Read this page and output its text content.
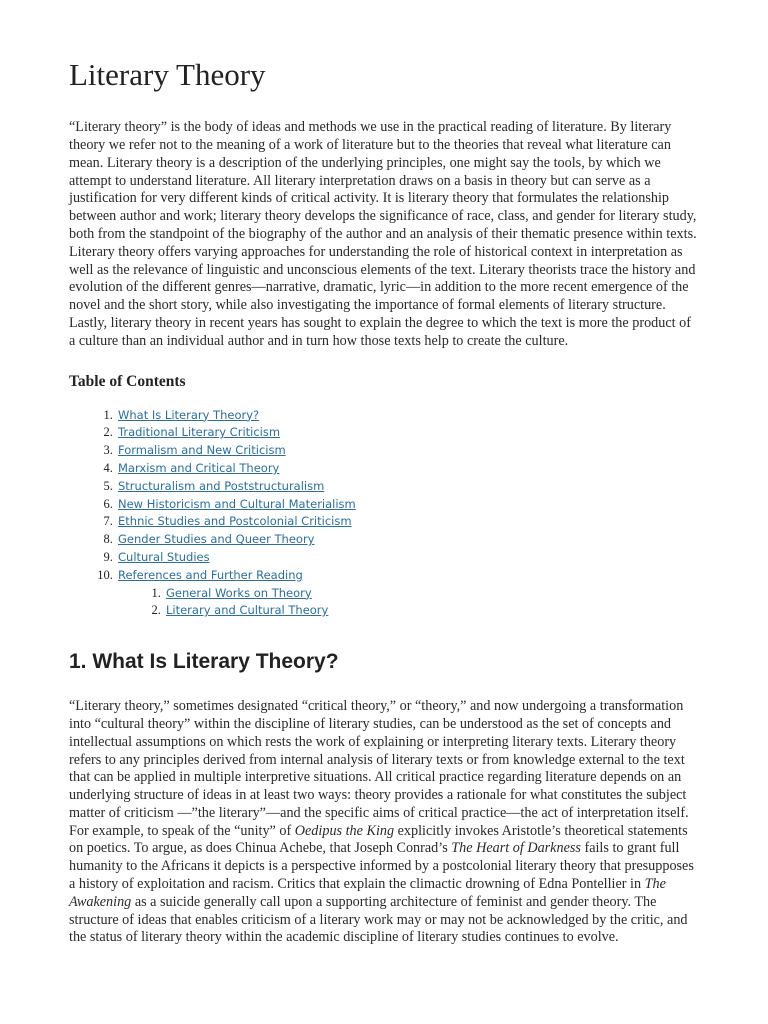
Literary Theory

“Literary theory” is the body of ideas and methods we use in the practical reading of literature. By literary theory we refer not to the meaning of a work of literature but to the theories that reveal what literature can mean. Literary theory is a description of the underlying principles, one might say the tools, by which we attempt to understand literature. All literary interpretation draws on a basis in theory but can serve as a justification for very different kinds of critical activity. It is literary theory that formulates the relationship between author and work; literary theory develops the significance of race, class, and gender for literary study, both from the standpoint of the biography of the author and an analysis of their thematic presence within texts. Literary theory offers varying approaches for understanding the role of historical context in interpretation as well as the relevance of linguistic and unconscious elements of the text. Literary theorists trace the history and evolution of the different genres—narrative, dramatic, lyric—in addition to the more recent emergence of the novel and the short story, while also investigating the importance of formal elements of literary structure. Lastly, literary theory in recent years has sought to explain the degree to which the text is more the product of a culture than an individual author and in turn how those texts help to create the culture.

Table of Contents
1. What Is Literary Theory?
2. Traditional Literary Criticism
3. Formalism and New Criticism
4. Marxism and Critical Theory
5. Structuralism and Poststructuralism
6. New Historicism and Cultural Materialism
7. Ethnic Studies and Postcolonial Criticism
8. Gender Studies and Queer Theory
9. Cultural Studies
10. References and Further Reading
1. General Works on Theory
2. Literary and Cultural Theory
1. What Is Literary Theory?

“Literary theory,” sometimes designated “critical theory,” or “theory,” and now undergoing a transformation into “cultural theory” within the discipline of literary studies, can be understood as the set of concepts and intellectual assumptions on which rests the work of explaining or interpreting literary texts. Literary theory refers to any principles derived from internal analysis of literary texts or from knowledge external to the text that can be applied in multiple interpretive situations. All critical practice regarding literature depends on an underlying structure of ideas in at least two ways: theory provides a rationale for what constitutes the subject matter of criticism —”the literary”—and the specific aims of critical practice—the act of interpretation itself. For example, to speak of the “unity” of Oedipus the King explicitly invokes Aristotle’s theoretical statements on poetics. To argue, as does Chinua Achebe, that Joseph Conrad’s The Heart of Darkness fails to grant full humanity to the Africans it depicts is a perspective informed by a postcolonial literary theory that presupposes a history of exploitation and racism. Critics that explain the climactic drowning of Edna Pontellier in The Awakening as a suicide generally call upon a supporting architecture of feminist and gender theory. The structure of ideas that enables criticism of a literary work may or may not be acknowledged by the critic, and the status of literary theory within the academic discipline of literary studies continues to evolve.
